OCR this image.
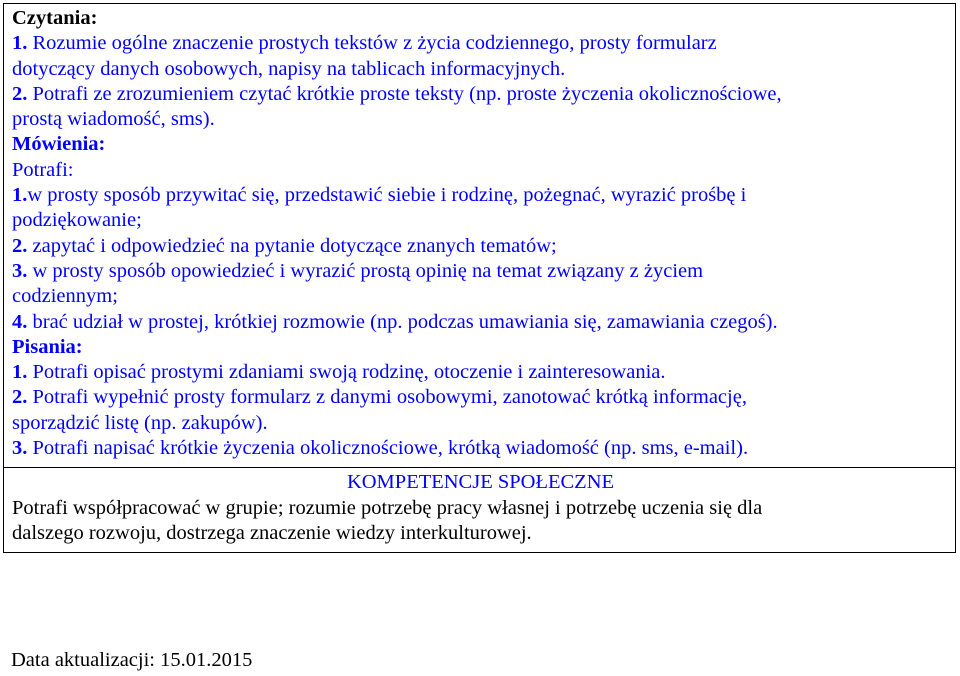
Czytania:
1. Rozumie ogólne znaczenie prostych tekstów z życia codziennego, prosty formularz
dotyczący danych osobowych, napisy na tablicach informacyjnych.
2. Potrafi ze zrozumieniem czytać krótkie proste teksty (np. proste życzenia okolicznościowe,
prostą wiadomość, sms).
Mówienia:
Potrafi:
1.w prosty sposób przywitać się, przedstawić siebie i rodzinę, pożegnać, wyrazić prośbę i
podziękowanie;
2. zapytać i odpowiedzieć na pytanie dotyczące znanych tematów;
3. w prosty sposób opowiedzieć i wyrazić prostą opinię na temat związany z życiem
codziennym;
4. brać udział w prostej, krótkiej rozmowie (np. podczas umawiania się, zamawiania czegoś).
Pisania:
1. Potrafi opisać prostymi zdaniami swoją rodzinę, otoczenie i zainteresowania.
2. Potrafi wypełnić prosty formularz z danymi osobowymi, zanotować krótką informację,
sporządzić listę (np. zakupów).
3. Potrafi napisać krótkie życzenia okolicznościowe, krótką wiadomość (np. sms, e-mail).
KOMPETENCJE SPOŁECZNE
Potrafi współpracować w grupie; rozumie potrzebę pracy własnej i potrzebę uczenia się dla
dalszego rozwoju, dostrzega znaczenie wiedzy interkulturowej.
Data aktualizacji: 15.01.2015
